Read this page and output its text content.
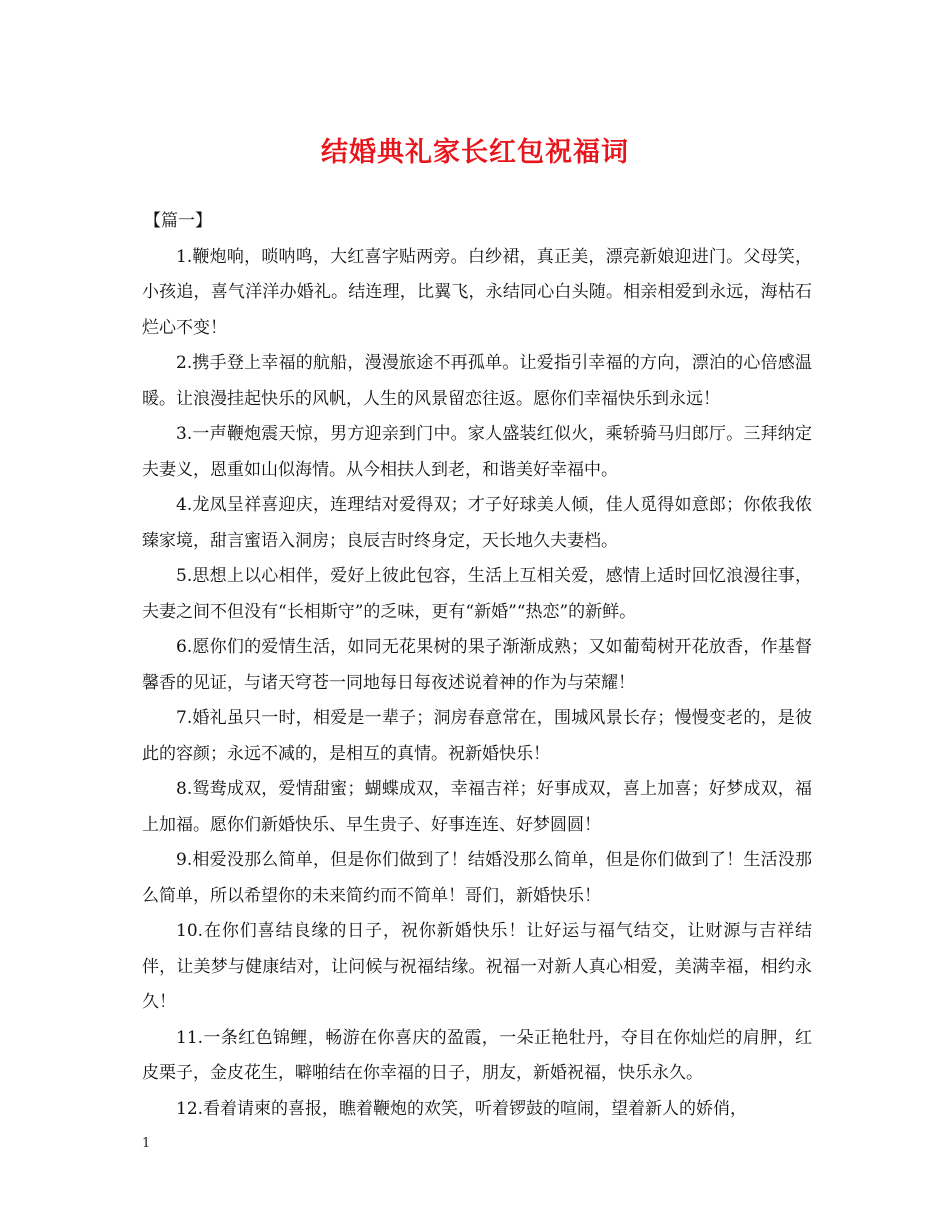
结婚典礼家长红包祝福词

【篇一】

1.鞭炮响，唢呐鸣，大红喜字贴两旁。白纱裙，真正美，漂亮新娘迎进门。父母笑，小孩追，喜气洋洋办婚礼。结连理，比翼飞，永结同心白头随。相亲相爱到永远，海枯石烂心不变！

2.携手登上幸福的航船，漫漫旅途不再孤单。让爱指引幸福的方向，漂泊的心倍感温暖。让浪漫挂起快乐的风帆，人生的风景留恋往返。愿你们幸福快乐到永远！

3.一声鞭炮震天惊，男方迎亲到门中。家人盛装红似火，乘轿骑马归郎厅。三拜纳定夫妻义，恩重如山似海情。从今相扶人到老，和谐美好幸福中。

4.龙凤呈祥喜迎庆，连理结对爱得双；才子好球美人倾，佳人觅得如意郎；你侬我侬臻家境，甜言蜜语入洞房；良辰吉时终身定，天长地久夫妻档。

5.思想上以心相伴，爱好上彼此包容，生活上互相关爱，感情上适时回忆浪漫往事，夫妻之间不但没有“长相斯守”的乏味，更有“新婚”“热恋”的新鲜。

6.愿你们的爱情生活，如同无花果树的果子渐渐成熟；又如葡萄树开花放香，作基督馨香的见证，与诸天穹苍一同地每日每夜述说着神的作为与荣耀！

7.婚礼虽只一时，相爱是一辈子；洞房春意常在，围城风景长存；慢慢变老的，是彼此的容颜；永远不减的，是相互的真情。祝新婚快乐！

8.鸳鸯成双，爱情甜蜜；蝴蝶成双，幸福吉祥；好事成双，喜上加喜；好梦成双，福上加福。愿你们新婚快乐、早生贵子、好事连连、好梦圆圆！

9.相爱没那么简单，但是你们做到了！结婚没那么简单，但是你们做到了！生活没那么简单，所以希望你的未来简约而不简单！哥们，新婚快乐！

10.在你们喜结良缘的日子，祝你新婚快乐！让好运与福气结交，让财源与吉祥结伴，让美梦与健康结对，让问候与祝福结缘。祝福一对新人真心相爱，美满幸福，相约永久！

11.一条红色锦鲤，畅游在你喜庆的盈霞，一朵正艳牡丹，夺目在你灿烂的肩胛，红皮栗子，金皮花生，噼啪结在你幸福的日子，朋友，新婚祝福，快乐永久。

12.看着请柬的喜报，瞧着鞭炮的欢笑，听着锣鼓的喧闹，望着新人的娇俏，

1
